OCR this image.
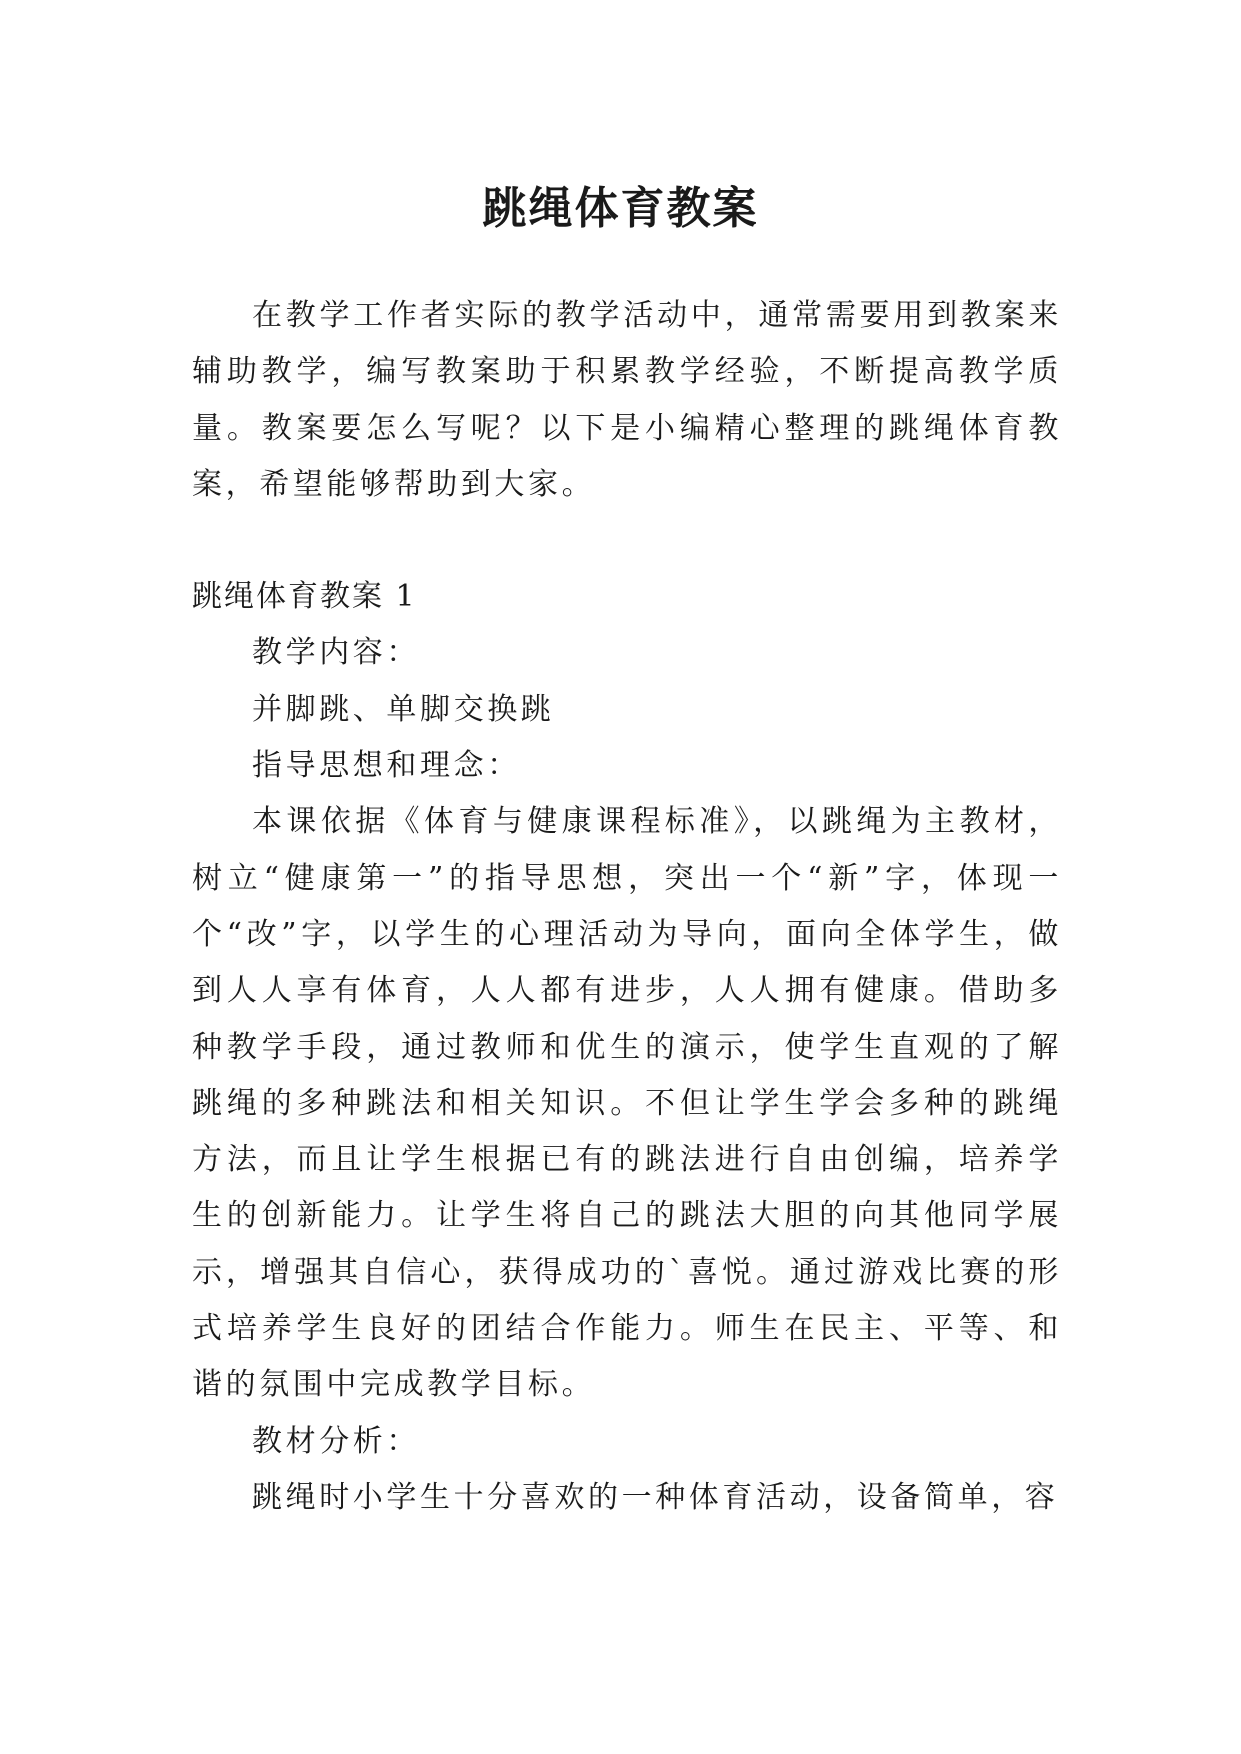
跳绳体育教案

在教学工作者实际的教学活动中，通常需要用到教案来辅助教学，编写教案助于积累教学经验，不断提高教学质量。教案要怎么写呢？以下是小编精心整理的跳绳体育教案，希望能够帮助到大家。

跳绳体育教案 1

教学内容：

并脚跳、单脚交换跳

指导思想和理念：

本课依据《体育与健康课程标准》，以跳绳为主教材，树立“健康第一”的指导思想，突出一个“新”字，体现一个“改”字，以学生的心理活动为导向，面向全体学生，做到人人享有体育，人人都有进步，人人拥有健康。借助多种教学手段，通过教师和优生的演示，使学生直观的了解跳绳的多种跳法和相关知识。不但让学生学会多种的跳绳方法，而且让学生根据已有的跳法进行自由创编，培养学生的创新能力。让学生将自己的跳法大胆的向其他同学展示，增强其自信心，获得成功的`喜悦。通过游戏比赛的形式培养学生良好的团结合作能力。师生在民主、平等、和谐的氛围中完成教学目标。

教材分析：

跳绳时小学生十分喜欢的一种体育活动，设备简单，容
